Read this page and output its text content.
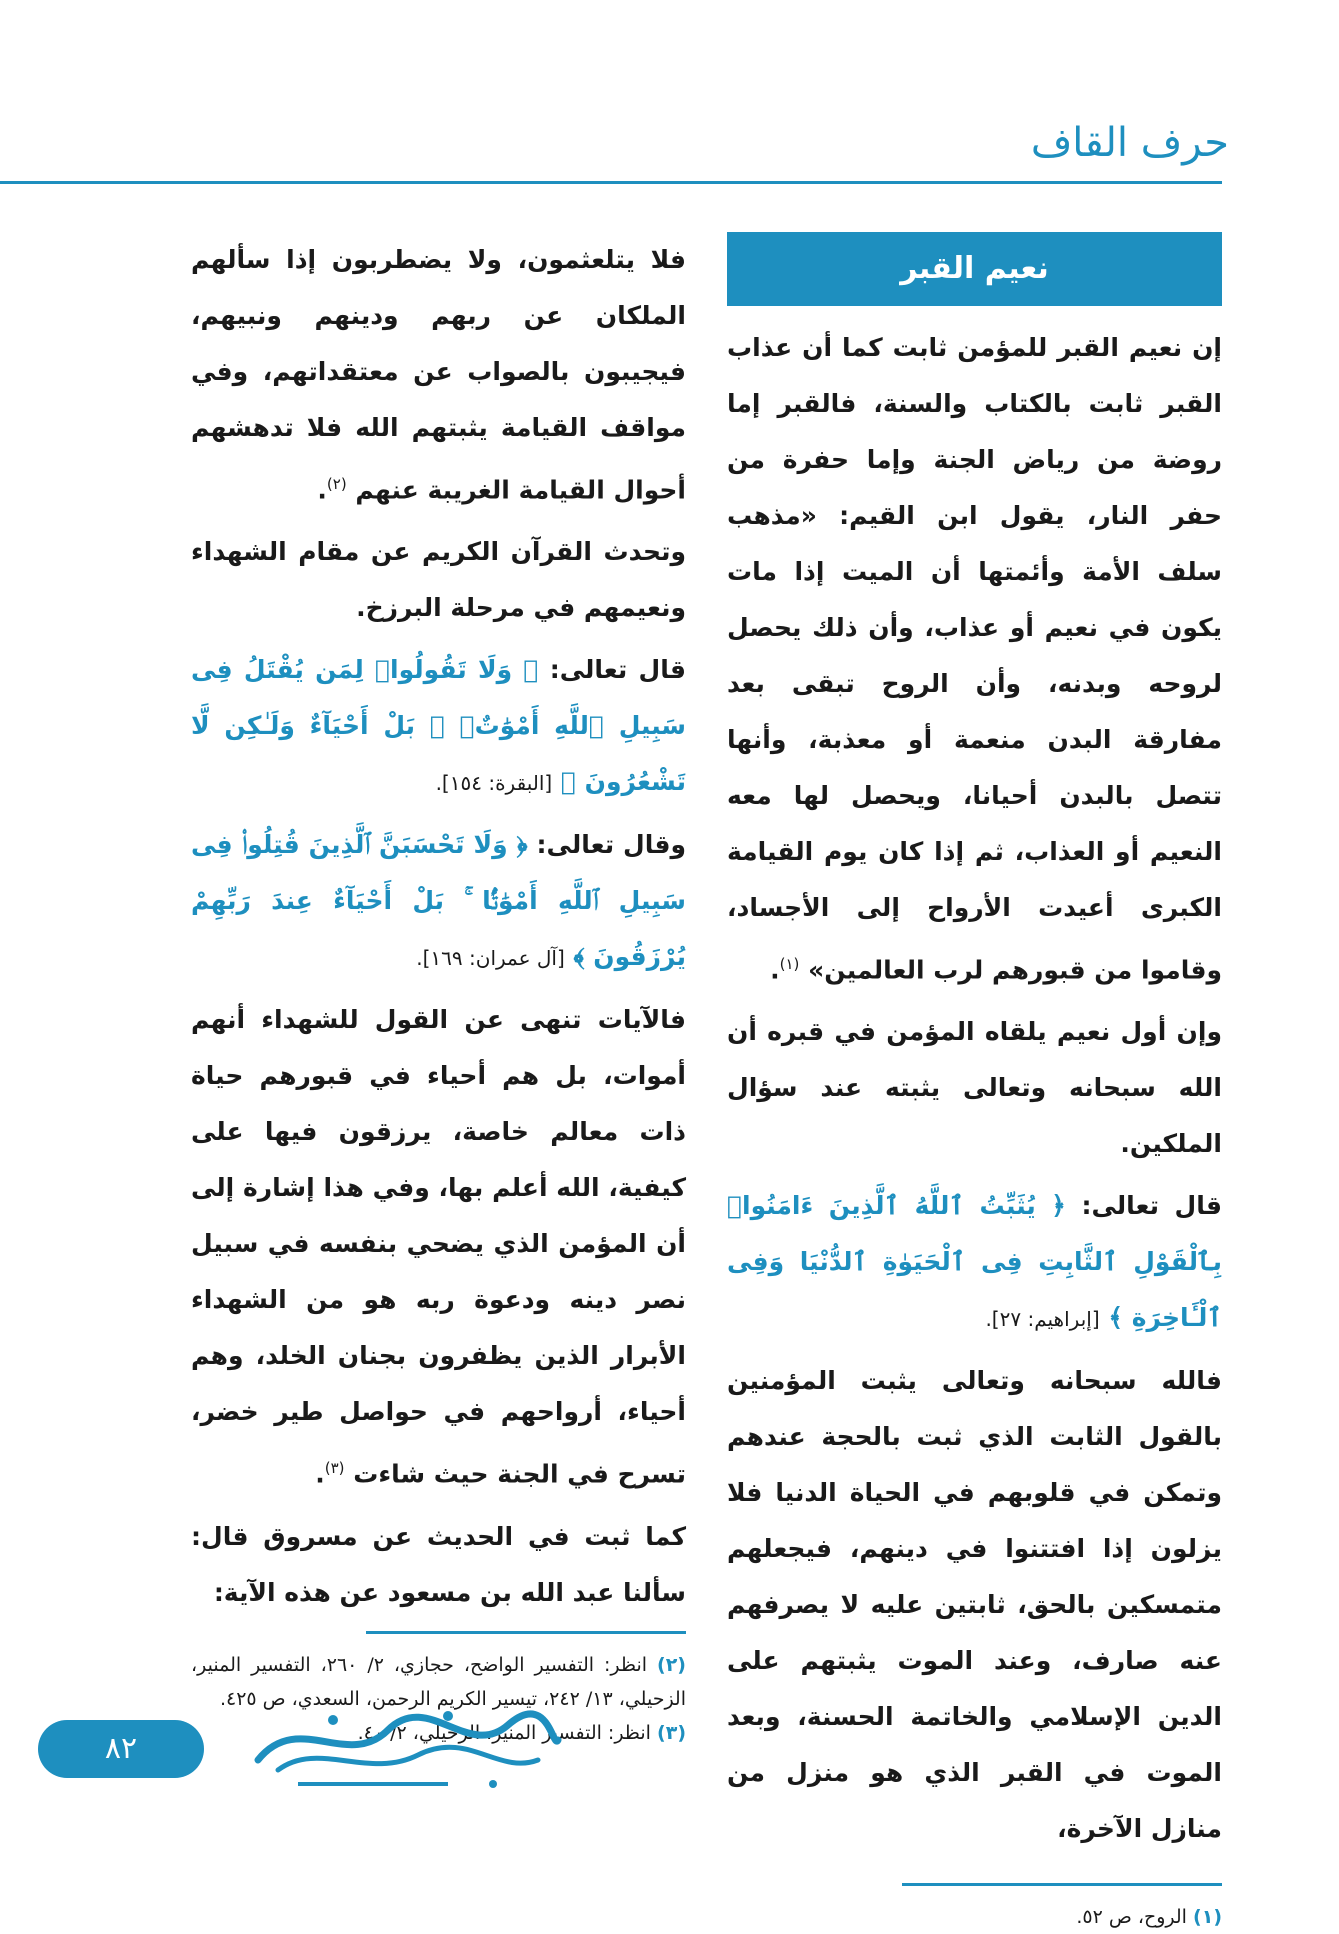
حرف القاف
نعيم القبر

إن نعيم القبر للمؤمن ثابت كما أن عذاب القبر ثابت بالكتاب والسنة، فالقبر إما روضة من رياض الجنة وإما حفرة من حفر النار، يقول ابن القيم: «مذهب سلف الأمة وأئمتها أن الميت إذا مات يكون في نعيم أو عذاب، وأن ذلك يحصل لروحه وبدنه، وأن الروح تبقى بعد مفارقة البدن منعمة أو معذبة، وأنها تتصل بالبدن أحيانا، ويحصل لها معه النعيم أو العذاب، ثم إذا كان يوم القيامة الكبرى أعيدت الأرواح إلى الأجساد، وقاموا من قبورهم لرب العالمين» $^{(١)}$.

وإن أول نعيم يلقاه المؤمن في قبره أن الله سبحانه وتعالى يثبته عند سؤال الملكين.

قال تعالى: ﴿ يُثَبِّتُ ٱللَّهُ ٱلَّذِينَ ءَامَنُوا۟ بِٱلْقَوْلِ ٱلثَّابِتِ فِى ٱلْحَيَوٰةِ ٱلدُّنْيَا وَفِى ٱلْـَٔاخِرَةِ ﴾ [إبراهيم: ٢٧].

فالله سبحانه وتعالى يثبت المؤمنين بالقول الثابت الذي ثبت بالحجة عندهم وتمكن في قلوبهم في الحياة الدنيا فلا يزلون إذا افتتنوا في دينهم، فيجعلهم متمسكين بالحق، ثابتين عليه لا يصرفهم عنه صارف، وعند الموت يثبتهم على الدين الإسلامي والخاتمة الحسنة، وبعد الموت في القبر الذي هو منزل من منازل الآخرة،

(١) الروح، ص ٥٢.

فلا يتلعثمون، ولا يضطربون إذا سألهم الملكان عن ربهم ودينهم ونبيهم، فيجيبون بالصواب عن معتقداتهم، وفي مواقف القيامة يثبتهم الله فلا تدهشهم أحوال القيامة الغريبة عنهم $^{(٢)}$.

وتحدث القرآن الكريم عن مقام الشهداء ونعيمهم في مرحلة البرزخ.

قال تعالى: ﴿ وَلَا تَقُولُوا۟ لِمَن يُقْتَلُ فِى سَبِيلِ ٱللَّهِ أَمْوَٰتٌۢ ۚ بَلْ أَحْيَآءٌ وَلَـٰكِن لَّا تَشْعُرُونَ ﴾ [البقرة: ١٥٤].

وقال تعالى: ﴿ وَلَا تَحْسَبَنَّ ٱلَّذِينَ قُتِلُوا۟ فِى سَبِيلِ ٱللَّهِ أَمْوَٰتًۢا ۚ بَلْ أَحْيَآءٌ عِندَ رَبِّهِمْ يُرْزَقُونَ ﴾ [آل عمران: ١٦٩].

فالآيات تنهى عن القول للشهداء أنهم أموات، بل هم أحياء في قبورهم حياة ذات معالم خاصة، يرزقون فيها على كيفية، الله أعلم بها، وفي هذا إشارة إلى أن المؤمن الذي يضحي بنفسه في سبيل نصر دينه ودعوة ربه هو من الشهداء الأبرار الذين يظفرون بجنان الخلد، وهم أحياء، أرواحهم في حواصل طير خضر، تسرح في الجنة حيث شاءت $^{(٣)}$.

كما ثبت في الحديث عن مسروق قال: سألنا عبد الله بن مسعود عن هذه الآية:

(٢) انظر: التفسير الواضح، حجازي، ٢/ ٢٦٠، التفسير المنير، الزحيلي، ١٣/ ٢٤٢، تيسير الكريم الرحمن، السعدي، ص ٤٢٥.

(٣) انظر: التفسير المنير، الزحيلي، ٢/ ٤٠.

٨٢
